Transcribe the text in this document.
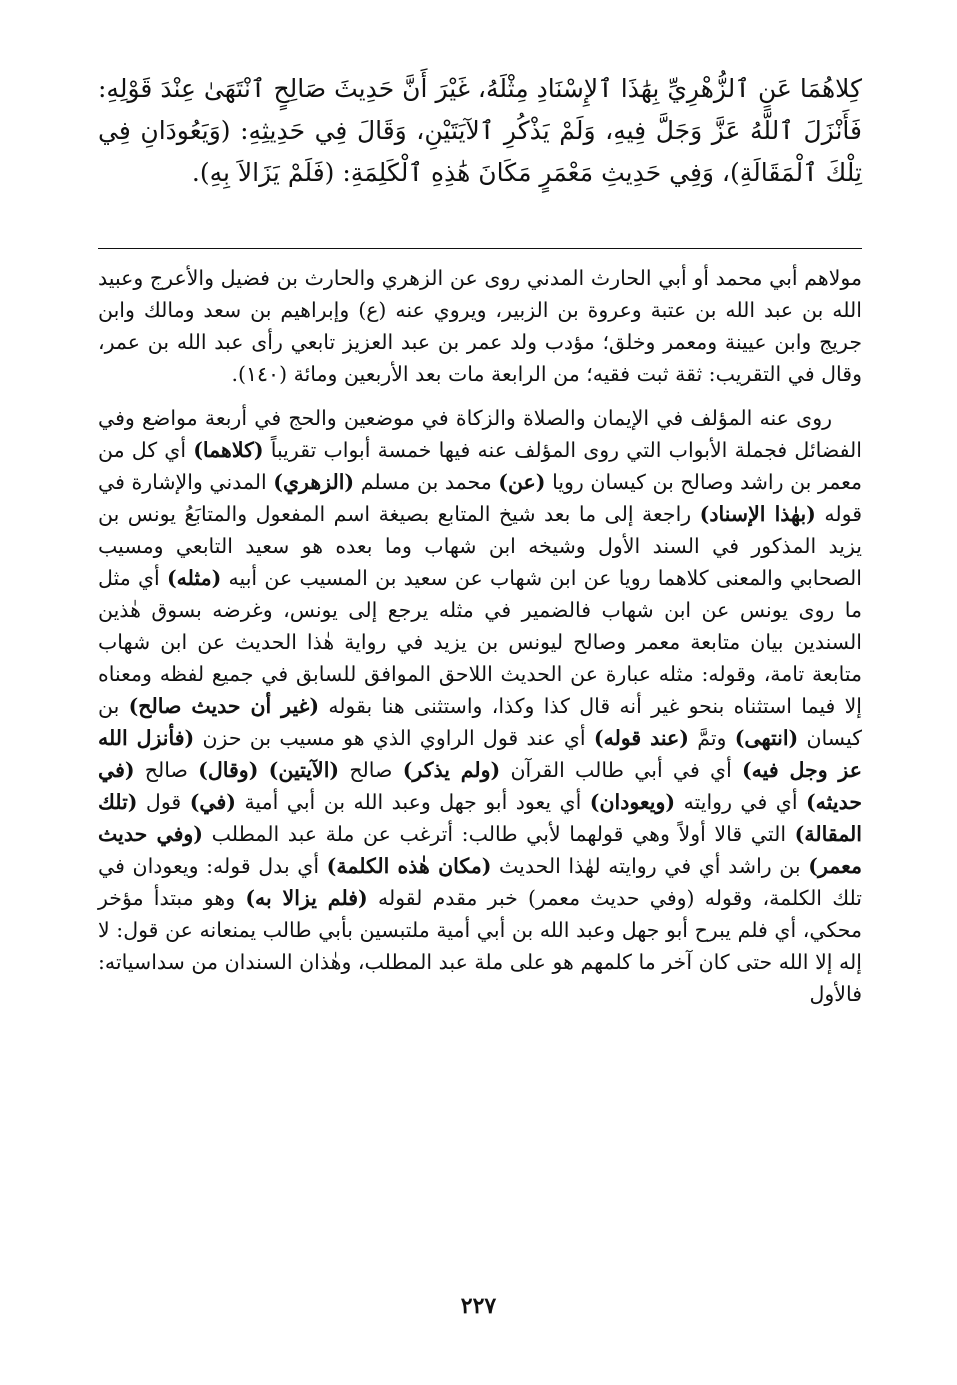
كِلاهُمَا عَنِ ٱلزُّهْرِيِّ بِهَٰذَا ٱلإِسْنَادِ مِثْلَهُ، غَيْرَ أَنَّ حَدِيثَ صَالِحٍ ٱنْتَهَىٰ عِنْدَ قَوْلِهِ: فَأَنْزَلَ ٱللَّهُ عَزَّ وَجَلَّ فِيهِ، وَلَمْ يَذْكُرِ ٱلآيَتَيْنِ، وَقَالَ فِي حَدِيثِهِ: (وَيَعُودَانِ فِي تِلْكَ ٱلْمَقَالَةِ)، وَفِي حَدِيثِ مَعْمَرٍ مَكَانَ هَٰذِهِ ٱلْكَلِمَةِ: (فَلَمْ يَزَالاَ بِهِ).

مولاهم أبي محمد أو أبي الحارث المدني روى عن الزهري والحارث بن فضيل والأعرج وعبيد الله بن عبد الله بن عتبة وعروة بن الزبير، ويروي عنه (ع) وإبراهيم بن سعد ومالك وابن جريج وابن عيينة ومعمر وخلق؛ مؤدب ولد عمر بن عبد العزيز تابعي رأى عبد الله بن عمر، وقال في التقريب: ثقة ثبت فقيه؛ من الرابعة مات بعد الأربعين ومائة (١٤٠).

روى عنه المؤلف في الإيمان والصلاة والزكاة في موضعين والحج في أربعة مواضع وفي الفضائل فجملة الأبواب التي روى المؤلف عنه فيها خمسة أبواب تقريباً (كلاهما) أي كل من معمر بن راشد وصالح بن كيسان رويا (عن) محمد بن مسلم (الزهري) المدني والإشارة في قوله (بهٰذا الإسناد) راجعة إلى ما بعد شيخ المتابع بصيغة اسم المفعول والمتابَعُ يونس بن يزيد المذكور في السند الأول وشيخه ابن شهاب وما بعده هو سعيد التابعي ومسيب الصحابي والمعنى كلاهما رويا عن ابن شهاب عن سعيد بن المسيب عن أبيه (مثله) أي مثل ما روى يونس عن ابن شهاب فالضمير في مثله يرجع إلى يونس، وغرضه بسوق هٰذين السندين بيان متابعة معمر وصالح ليونس بن يزيد في رواية هٰذا الحديث عن ابن شهاب متابعة تامة، وقوله: مثله عبارة عن الحديث اللاحق الموافق للسابق في جميع لفظه ومعناه إلا فيما استثناه بنحو غير أنه قال كذا وكذا، واستثنى هنا بقوله (غير أن حديث صالح) بن كيسان (انتهى) وتمَّ (عند قوله) أي عند قول الراوي الذي هو مسيب بن حزن (فأنزل الله عز وجل فيه) أي في أبي طالب القرآن (ولم يذكر) صالح (الآيتين) (وقال) صالح (في حديثه) أي في روايته (ويعودان) أي يعود أبو جهل وعبد الله بن أبي أمية (في) قول (تلك المقالة) التي قالا أولاً وهي قولهما لأبي طالب: أترغب عن ملة عبد المطلب (وفي حديث معمر) بن راشد أي في روايته لهٰذا الحديث (مكان هٰذه الكلمة) أي بدل قوله: ويعودان في تلك الكلمة، وقوله (وفي حديث معمر) خبر مقدم لقوله (فلم يزالا به) وهو مبتدأ مؤخر محكي، أي فلم يبرح أبو جهل وعبد الله بن أبي أمية ملتبسين بأبي طالب يمنعانه عن قول: لا إله إلا الله حتى كان آخر ما كلمهم هو على ملة عبد المطلب، وهٰذان السندان من سداسياته: فالأول

٢٢٧
